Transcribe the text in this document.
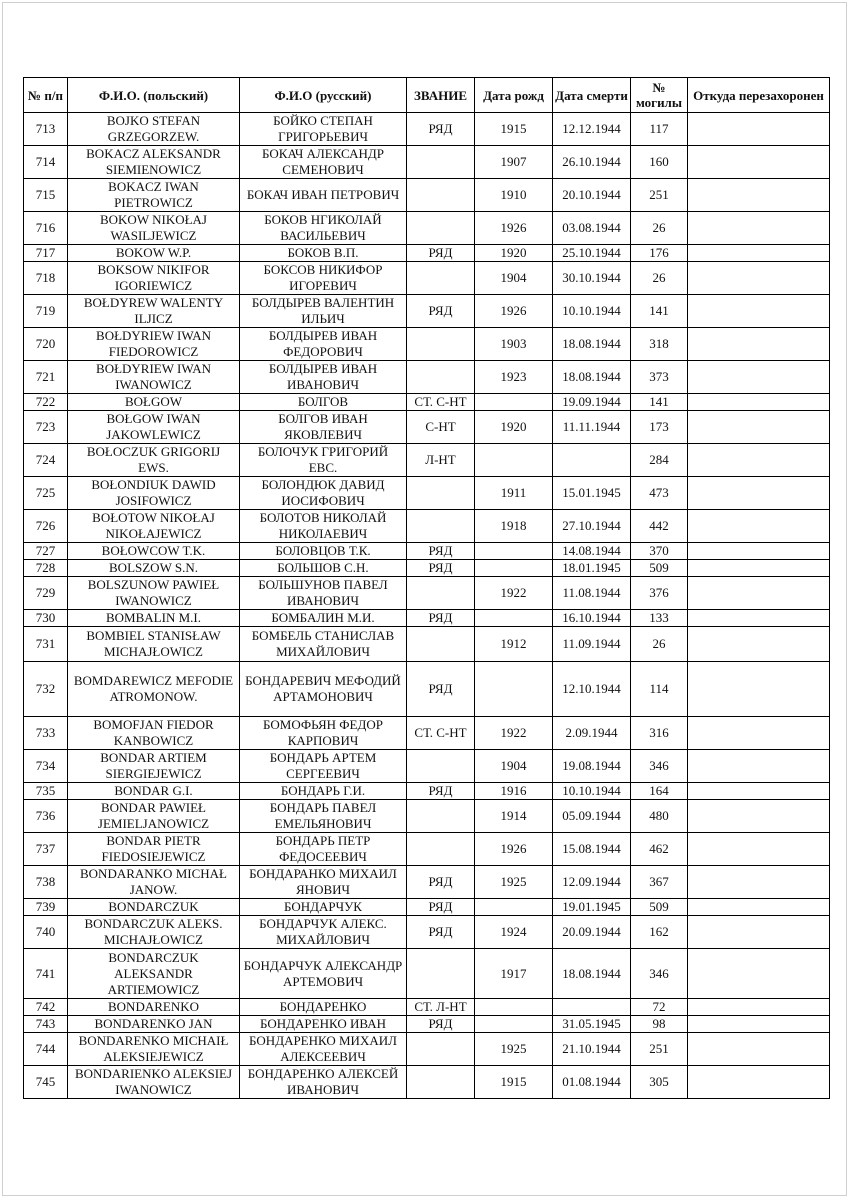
№ п/п	Ф.И.О. (польский)	Ф.И.О (русский)	ЗВАНИЕ	Дата рожд	Дата смерти	№ могилы	Откуда перезахоронен
713	BOJKO STEFAN GRZEGORZEW.	БОЙКО СТЕПАН ГРИГОРЬЕВИЧ	РЯД	1915	12.12.1944	117	
714	BOKACZ ALEKSANDR SIEMIENOWICZ	БОКАЧ АЛЕКСАНДР СЕМЕНОВИЧ		1907	26.10.1944	160	
715	BOKACZ IWAN PIETROWICZ	БОКАЧ ИВАН ПЕТРОВИЧ		1910	20.10.1944	251	
716	BOKOW NIKOŁAJ WASILJEWICZ	БОКОВ НГИКОЛАЙ ВАСИЛЬЕВИЧ		1926	03.08.1944	26	
717	BOKOW W.P.	БОКОВ В.П.	РЯД	1920	25.10.1944	176	
718	BOKSOW NIKIFOR IGORIEWICZ	БОКСОВ НИКИФОР ИГОРЕВИЧ		1904	30.10.1944	26	
719	BOŁDYREW WALENTY ILJICZ	БОЛДЫРЕВ ВАЛЕНТИН ИЛЬИЧ	РЯД	1926	10.10.1944	141	
720	BOŁDYRIEW IWAN FIEDOROWICZ	БОЛДЫРЕВ ИВАН ФЕДОРОВИЧ		1903	18.08.1944	318	
721	BOŁDYRIEW IWAN IWANOWICZ	БОЛДЫРЕВ ИВАН ИВАНОВИЧ		1923	18.08.1944	373	
722	BOŁGOW	БОЛГОВ	СТ. С-НТ		19.09.1944	141	
723	BOŁGOW IWAN JAKOWLEWICZ	БОЛГОВ ИВАН ЯКОВЛЕВИЧ	С-НТ	1920	11.11.1944	173	
724	BOŁOCZUK GRIGORIJ EWS.	БОЛОЧУК ГРИГОРИЙ ЕВС.	Л-НТ			284	
725	BOŁONDIUK DAWID JOSIFOWICZ	БОЛОНДЮК ДАВИД ИОСИФОВИЧ		1911	15.01.1945	473	
726	BOŁOTOW NIKOŁAJ NIKOŁAJEWICZ	БОЛОТОВ НИКОЛАЙ НИКОЛАЕВИЧ		1918	27.10.1944	442	
727	BOŁOWCOW T.K.	БОЛОВЦОВ Т.К.	РЯД		14.08.1944	370	
728	BOLSZOW S.N.	БОЛЬШОВ С.Н.	РЯД		18.01.1945	509	
729	BOLSZUNOW PAWIEŁ IWANOWICZ	БОЛЬШУНОВ ПАВЕЛ ИВАНОВИЧ		1922	11.08.1944	376	
730	BOMBALIN M.I.	БОМБАЛИН М.И.	РЯД		16.10.1944	133	
731	BOMBIEL STANISŁAW MICHAJŁOWICZ	БОМБЕЛЬ СТАНИСЛАВ МИХАЙЛОВИЧ		1912	11.09.1944	26	
732	BOMDAREWICZ MEFODIE ATROMONOW.	БОНДАРЕВИЧ МЕФОДИЙ АРТАМОНОВИЧ	РЯД		12.10.1944	114	
733	BOMOFJAN FIEDOR KANBOWICZ	БОМОФЬЯН ФЕДОР КАРПОВИЧ	СТ. С-НТ	1922	2.09.1944	316	
734	BONDAR ARTIEM SIERGIEJEWICZ	БОНДАРЬ АРТЕМ СЕРГЕЕВИЧ		1904	19.08.1944	346	
735	BONDAR G.I.	БОНДАРЬ Г.И.	РЯД	1916	10.10.1944	164	
736	BONDAR PAWIEŁ JEMIELJANOWICZ	БОНДАРЬ ПАВЕЛ ЕМЕЛЬЯНОВИЧ		1914	05.09.1944	480	
737	BONDAR PIETR FIEDOSIEJEWICZ	БОНДАРЬ ПЕТР ФЕДОСЕЕВИЧ		1926	15.08.1944	462	
738	BONDARANKO MICHAŁ JANOW.	БОНДАРАНКО МИХАИЛ ЯНОВИЧ	РЯД	1925	12.09.1944	367	
739	BONDARCZUK	БОНДАРЧУК	РЯД		19.01.1945	509	
740	BONDARCZUK ALEKS. MICHAJŁOWICZ	БОНДАРЧУК АЛЕКС. МИХАЙЛОВИЧ	РЯД	1924	20.09.1944	162	
741	BONDARCZUK ALEKSANDR ARTIEMOWICZ	БОНДАРЧУК АЛЕКСАНДР АРТЕМОВИЧ		1917	18.08.1944	346	
742	BONDARENKO	БОНДАРЕНКО	СТ. Л-НТ			72	
743	BONDARENKO JAN	БОНДАРЕНКО ИВАН	РЯД		31.05.1945	98	
744	BONDARENKO MICHAIŁ ALEKSIEJEWICZ	БОНДАРЕНКО МИХАИЛ АЛЕКСЕЕВИЧ		1925	21.10.1944	251	
745	BONDARIENKO ALEKSIEJ IWANOWICZ	БОНДАРЕНКО АЛЕКСЕЙ ИВАНОВИЧ		1915	01.08.1944	305	
